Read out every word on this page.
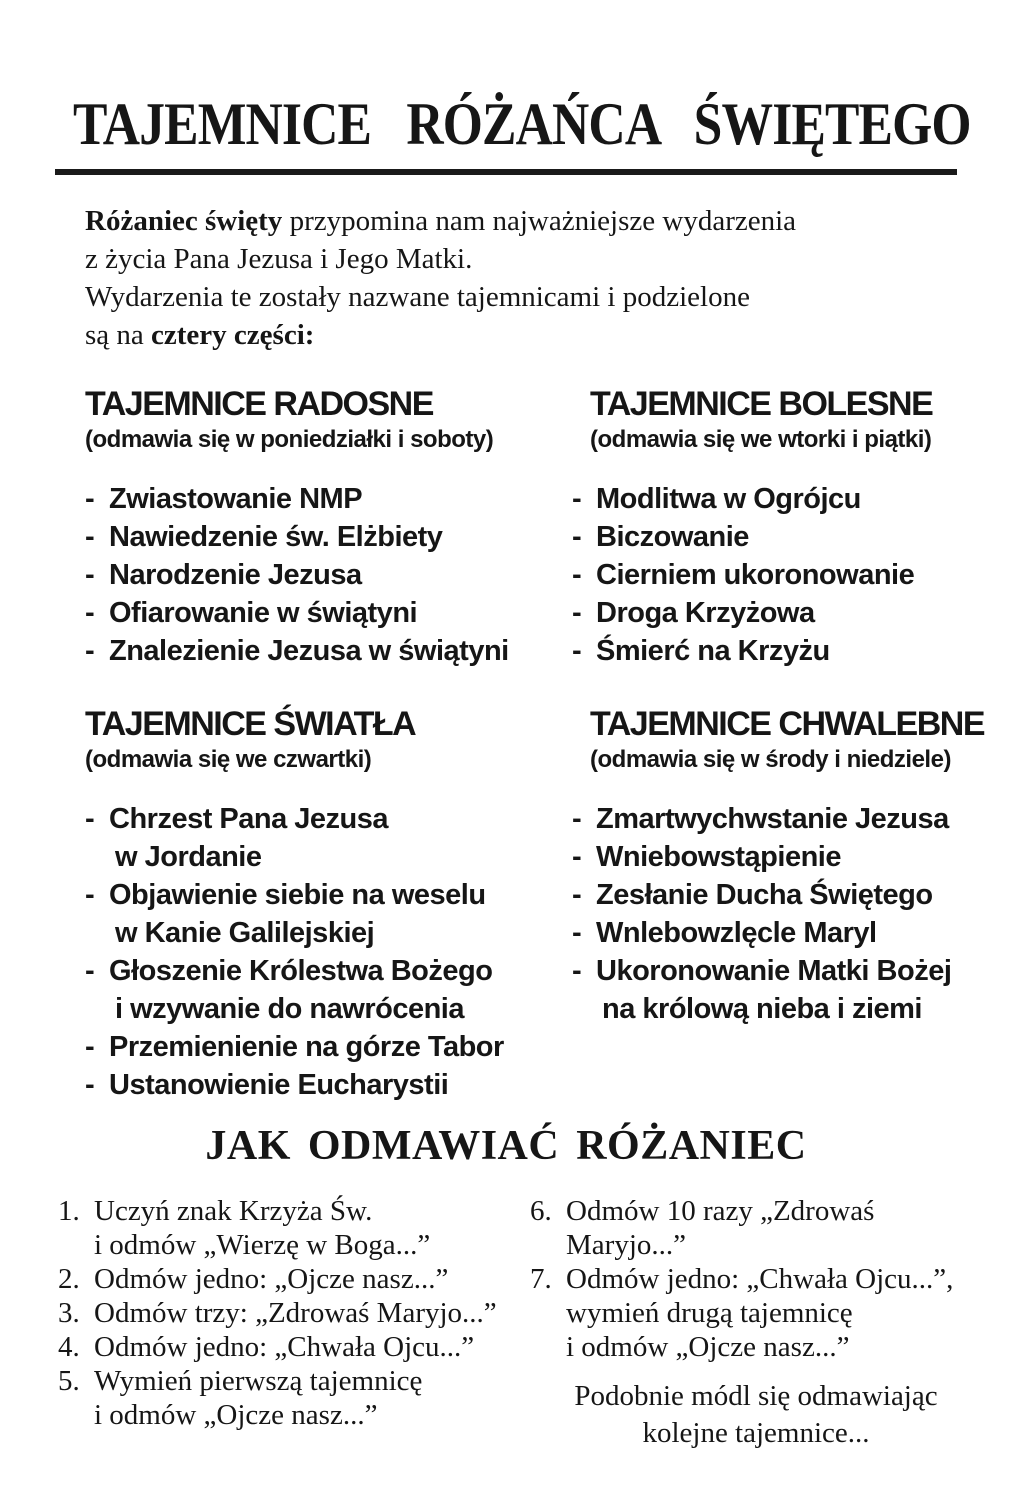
TAJEMNICE RÓŻAŃCA ŚWIĘTEGO
Różaniec święty przypomina nam najważniejsze wydarzenia
z życia Pana Jezusa i Jego Matki.
Wydarzenia te zostały nazwane tajemnicami i podzielone
są na cztery części:
TAJEMNICE RADOSNE
(odmawia się w poniedziałki i soboty)
- Zwiastowanie NMP
- Nawiedzenie św. Elżbiety
- Narodzenie Jezusa
- Ofiarowanie w świątyni
- Znalezienie Jezusa w świątyni
TAJEMNICE BOLESNE
(odmawia się we wtorki i piątki)
- Modlitwa w Ogrójcu
- Biczowanie
- Cierniem ukoronowanie
- Droga Krzyżowa
- Śmierć na Krzyżu
TAJEMNICE ŚWIATŁA
(odmawia się we czwartki)
- Chrzest Pana Jezusa
w Jordanie
- Objawienie siebie na weselu
w Kanie Galilejskiej
- Głoszenie Królestwa Bożego
i wzywanie do nawrócenia
- Przemienienie na górze Tabor
- Ustanowienie Eucharystii
TAJEMNICE CHWALEBNE
(odmawia się w środy i niedziele)
- Zmartwychwstanie Jezusa
- Wniebowstąpienie
- Zesłanie Ducha Świętego
- Wnlebowzlęcle Maryl
- Ukoronowanie Matki Bożej
na królową nieba i ziemi
JAK ODMAWIAĆ RÓŻANIEC
1. Uczyń znak Krzyża Św.
i odmów „Wierzę w Boga...”
2. Odmów jedno: „Ojcze nasz...”
3. Odmów trzy: „Zdrowaś Maryjo...”
4. Odmów jedno: „Chwała Ojcu...”
5. Wymień pierwszą tajemnicę
i odmów „Ojcze nasz...”
6. Odmów 10 razy „Zdrowaś
Maryjo...”
7. Odmów jedno: „Chwała Ojcu...”,
wymień drugą tajemnicę
i odmów „Ojcze nasz...”
Podobnie módl się odmawiając
kolejne tajemnice...
